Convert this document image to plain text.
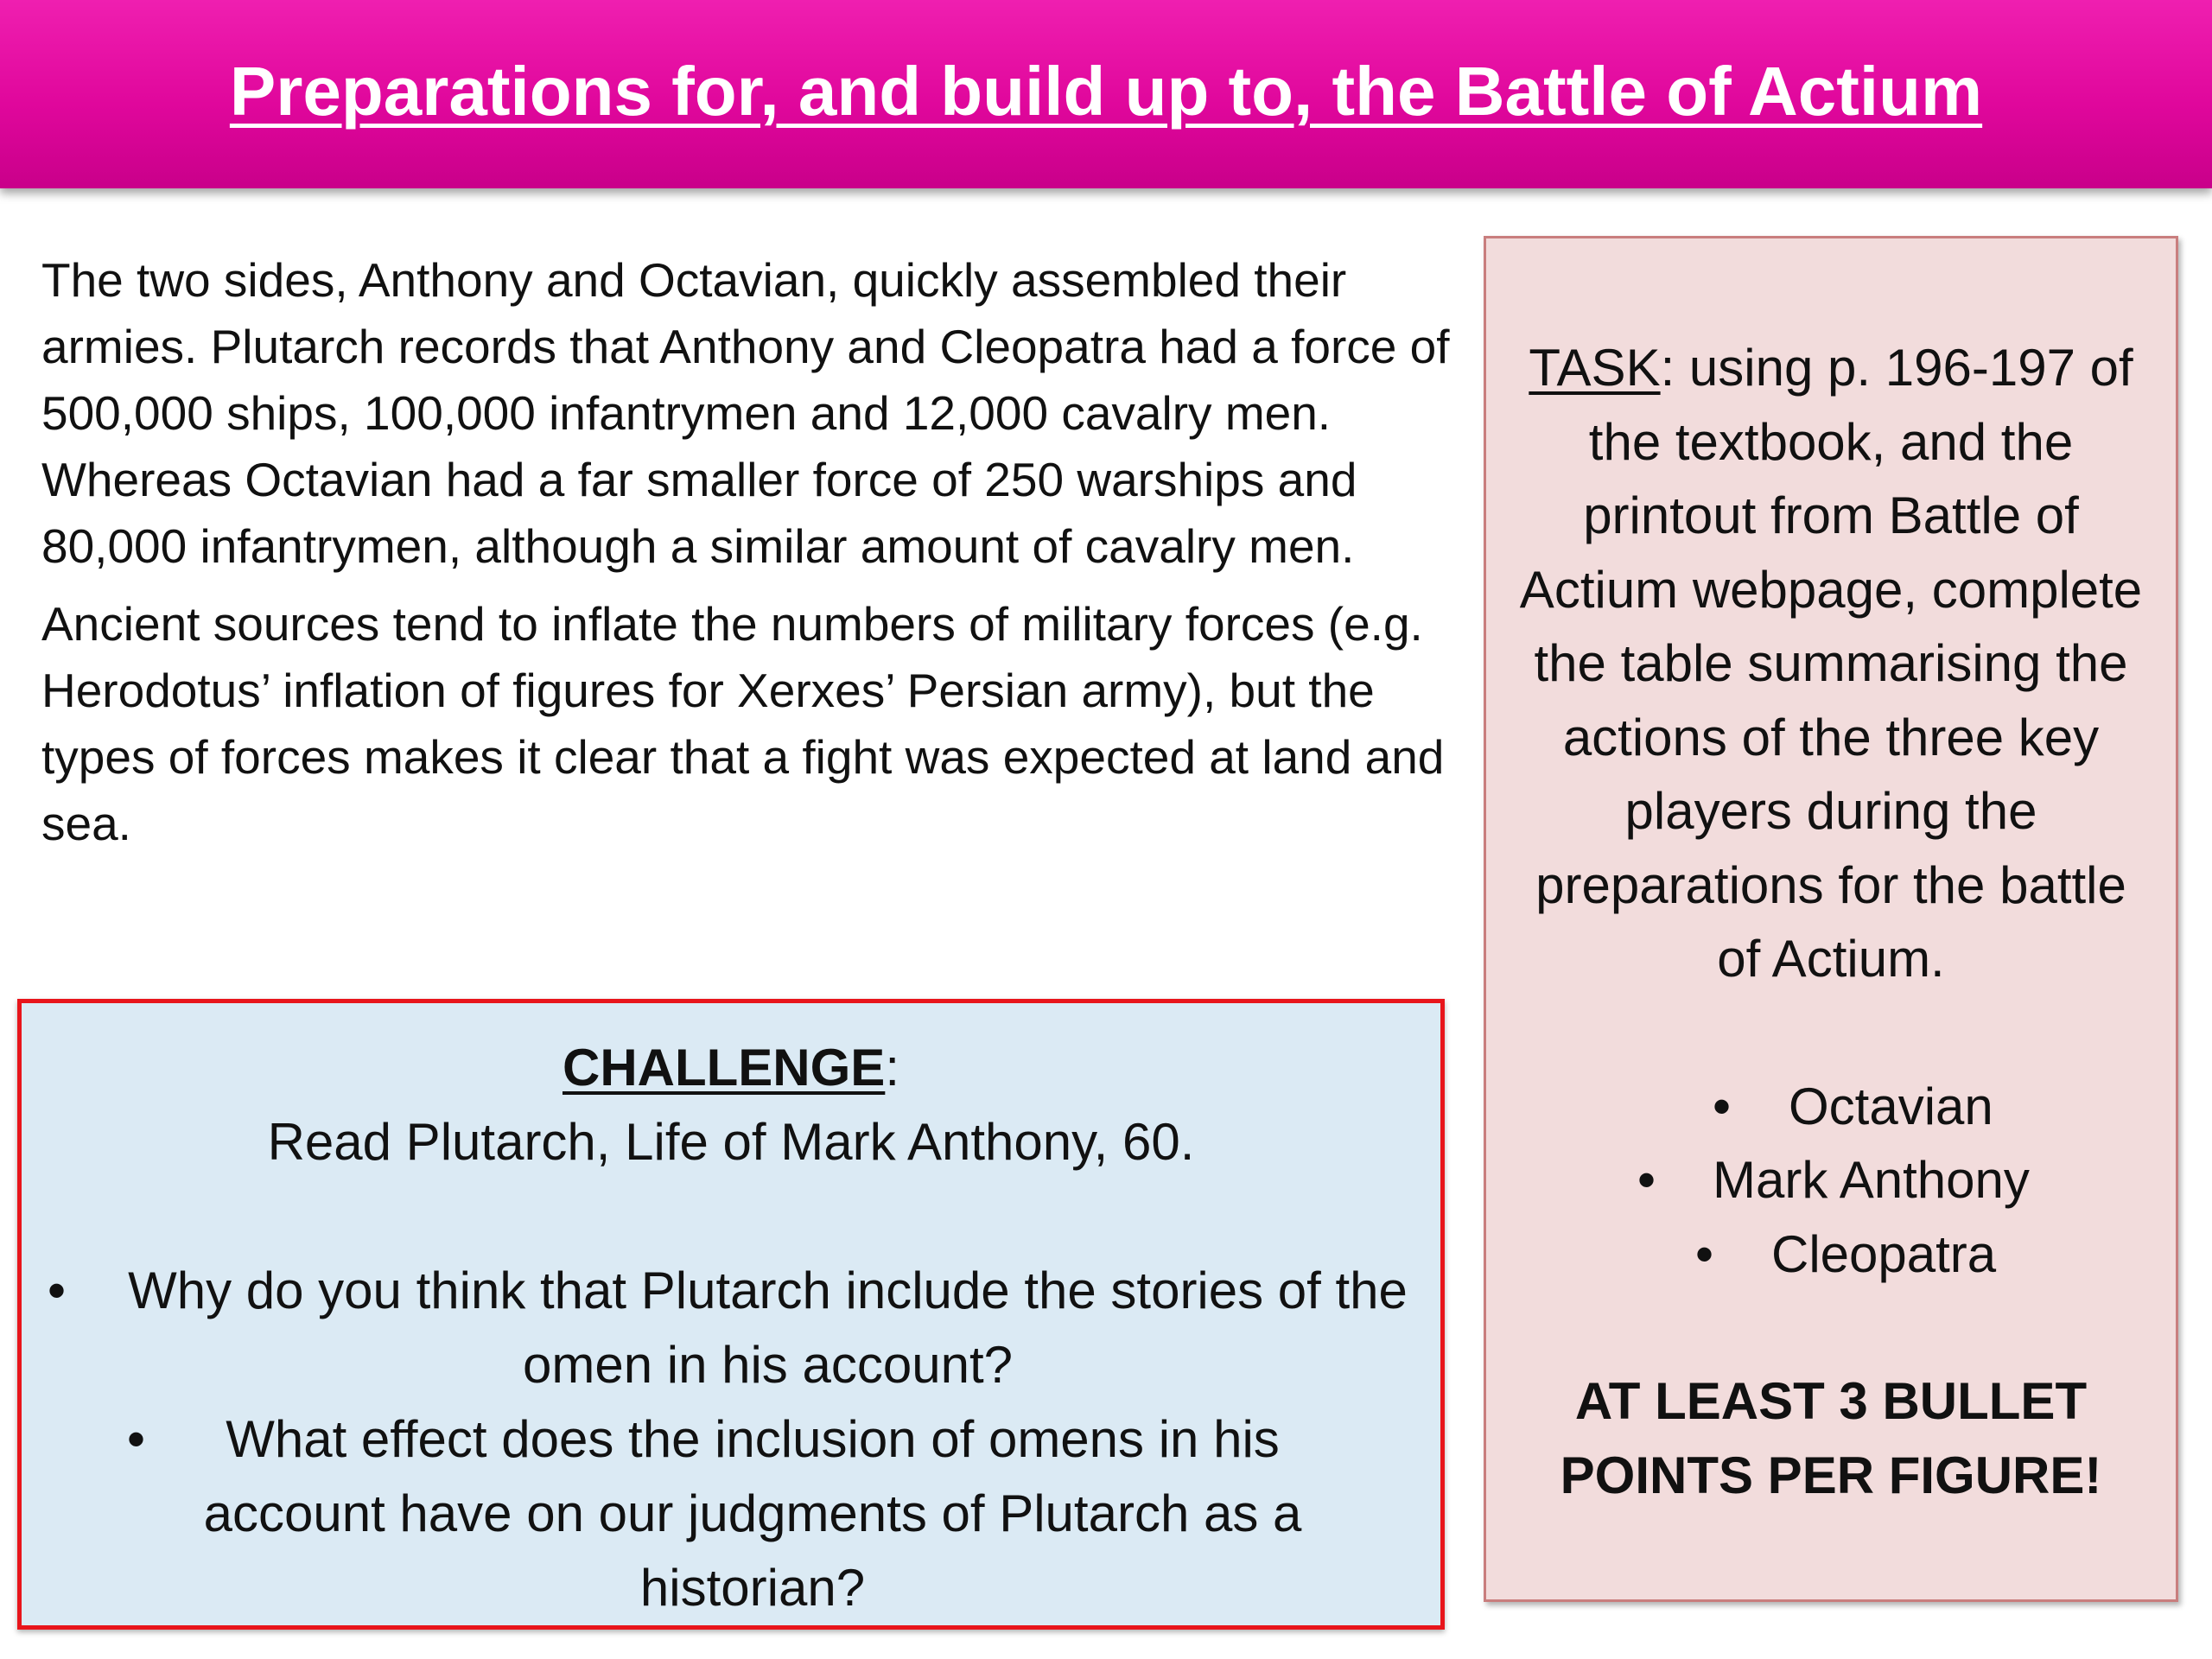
Preparations for, and build up to, the Battle of Actium

The two sides, Anthony and Octavian, quickly assembled their armies. Plutarch records that Anthony and Cleopatra had a force of 500,000 ships, 100,000 infantrymen and 12,000 cavalry men. Whereas Octavian had a far smaller force of 250 warships and 80,000 infantrymen, although a similar amount of cavalry men.

Ancient sources tend to inflate the numbers of military forces (e.g. Herodotus’ inflation of figures for Xerxes’ Persian army), but the types of forces makes it clear that a fight was expected at land and sea.

CHALLENGE:

Read Plutarch, Life of Mark Anthony, 60.

• Why do you think that Plutarch include the stories of the omen in his account?

• What effect does the inclusion of omens in his account have on our judgments of Plutarch as a historian?

TASK: using p. 196-197 of the textbook, and the printout from Battle of Actium webpage, complete the table summarising the actions of the three key players during the preparations for the battle of Actium.

• Octavian
• Mark Anthony
• Cleopatra

AT LEAST 3 BULLET POINTS PER FIGURE!
